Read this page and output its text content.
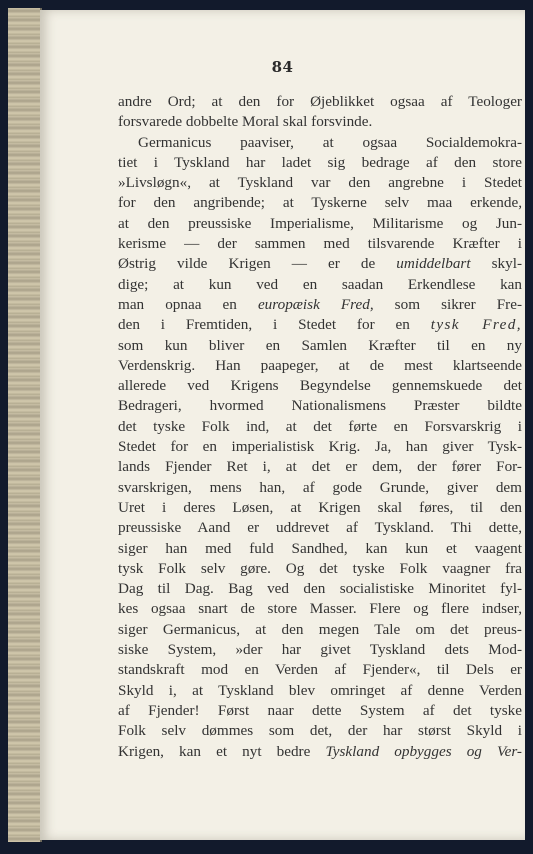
84
andre Ord; at den for Øjeblikket ogsaa af Teologer
forsvarede dobbelte Moral skal forsvinde.
Germanicus paaviser, at ogsaa Socialdemokra-
tiet i Tyskland har ladet sig bedrage af den store
»Livsløgn«, at Tyskland var den angrebne i Stedet
for den angribende; at Tyskerne selv maa erkende,
at den preussiske Imperialisme, Militarisme og Jun-
kerisme — der sammen med tilsvarende Kræfter i
Østrig vilde Krigen — er de umiddelbart skyl-
dige; at kun ved en saadan Erkendlese kan
man opnaa en europæisk Fred, som sikrer Fre-
den i Fremtiden, i Stedet for en tysk Fred,
som kun bliver en Samlen Kræfter til en ny
Verdenskrig. Han paapeger, at de mest klartseende
allerede ved Krigens Begyndelse gennemskuede det
Bedrageri, hvormed Nationalismens Præster bildte
det tyske Folk ind, at det førte en Forsvarskrig i
Stedet for en imperialistisk Krig. Ja, han giver Tysk-
lands Fjender Ret i, at det er dem, der fører For-
svarskrigen, mens han, af gode Grunde, giver dem
Uret i deres Løsen, at Krigen skal føres, til den
preussiske Aand er uddrevet af Tyskland. Thi dette,
siger han med fuld Sandhed, kan kun et vaagent
tysk Folk selv gøre. Og det tyske Folk vaagner fra
Dag til Dag. Bag ved den socialistiske Minoritet fyl-
kes ogsaa snart de store Masser. Flere og flere indser,
siger Germanicus, at den megen Tale om det preus-
siske System, »der har givet Tyskland dets Mod-
standskraft mod en Verden af Fjender«, til Dels er
Skyld i, at Tyskland blev omringet af denne Verden
af Fjender! Først naar dette System af det tyske
Folk selv dømmes som det, der har størst Skyld i
Krigen, kan et nyt bedre Tyskland opbygges og Ver-
